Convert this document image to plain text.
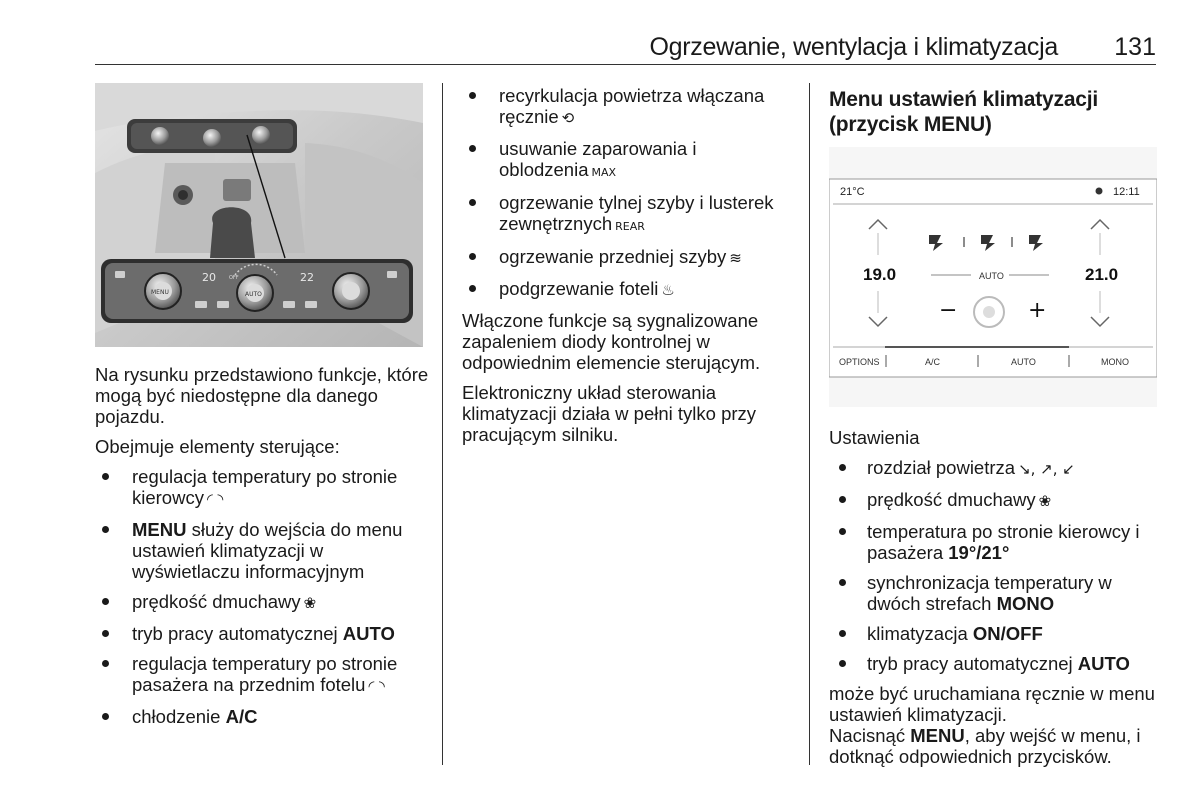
Ogrzewanie, wentylacja i klimatyzacja 131
20	22
MENU	AUTO
OFF

Na rysunku przedstawiono funkcje, które mogą być niedostępne dla danego pojazdu.

Obejmuje elementy sterujące:

regulacja temperatury po stronie kierowcy ◜ ◝
MENU służy do wejścia do menu ustawień klimatyzacji w wyświetlaczu informacyjnym
prędkość dmuchawy ❀
tryb pracy automatycznej AUTO
regulacja temperatury po stronie pasażera na przednim fotelu ◜ ◝
chłodzenie A/C
recyrkulacja powietrza włączana ręcznie ⟲
usuwanie zaparowania i oblodzenia MAX
ogrzewanie tylnej szyby i lusterek zewnętrznych REAR
ogrzewanie przedniej szyby ≋
podgrzewanie foteli ♨

Włączone funkcje są sygnalizowane zapaleniem diody kontrolnej w odpowiednim elemencie sterującym.

Elektroniczny układ sterowania klimatyzacji działa w pełni tylko przy pracującym silniku.

Menu ustawień klimatyzacji
(przycisk MENU)
21°C	12:11
19.0	21.0
AUTO
−	+
OPTIONS	A/C	AUTO	MONO

Ustawienia

rozdział powietrza ↘, ↗, ↙
prędkość dmuchawy ❀
temperatura po stronie kierowcy i pasażera 19°/21°
synchronizacja temperatury w dwóch strefach MONO
klimatyzacja ON/OFF
tryb pracy automatycznej AUTO

może być uruchamiana ręcznie w menu ustawień klimatyzacji.
Nacisnąć MENU, aby wejść w menu, i dotknąć odpowiednich przycisków.
